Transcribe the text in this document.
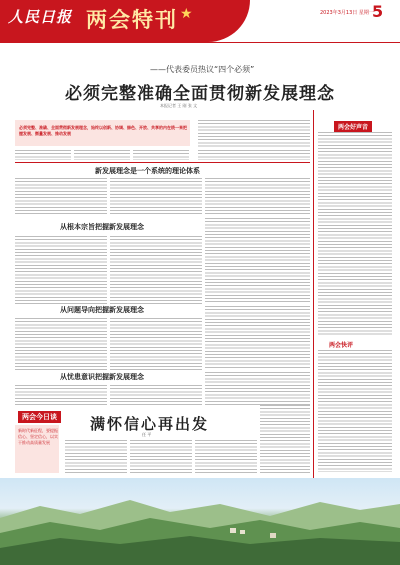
人民日报 两会特刊 ★	2023年3月13日 星期一
5
——代表委员热议“四个必须”
必须完整准确全面贯彻新发展理念
本报记者 王 刚 张 文
必须完整、准确、全面贯彻新发展理念，始终以创新、协调、绿色、开放、共享的内在统一来把握发展、衡量发展、推动发展
新发展理念是一个系统的理论体系
从根本宗旨把握新发展理念
从问题导向把握新发展理念
从忧患意识把握新发展理念
两会好声音
两会快评
两会今日谈
新时代新征程，要提振信心、坚定信心，以实干推动高质量发展
满怀信心再出发
任 平
